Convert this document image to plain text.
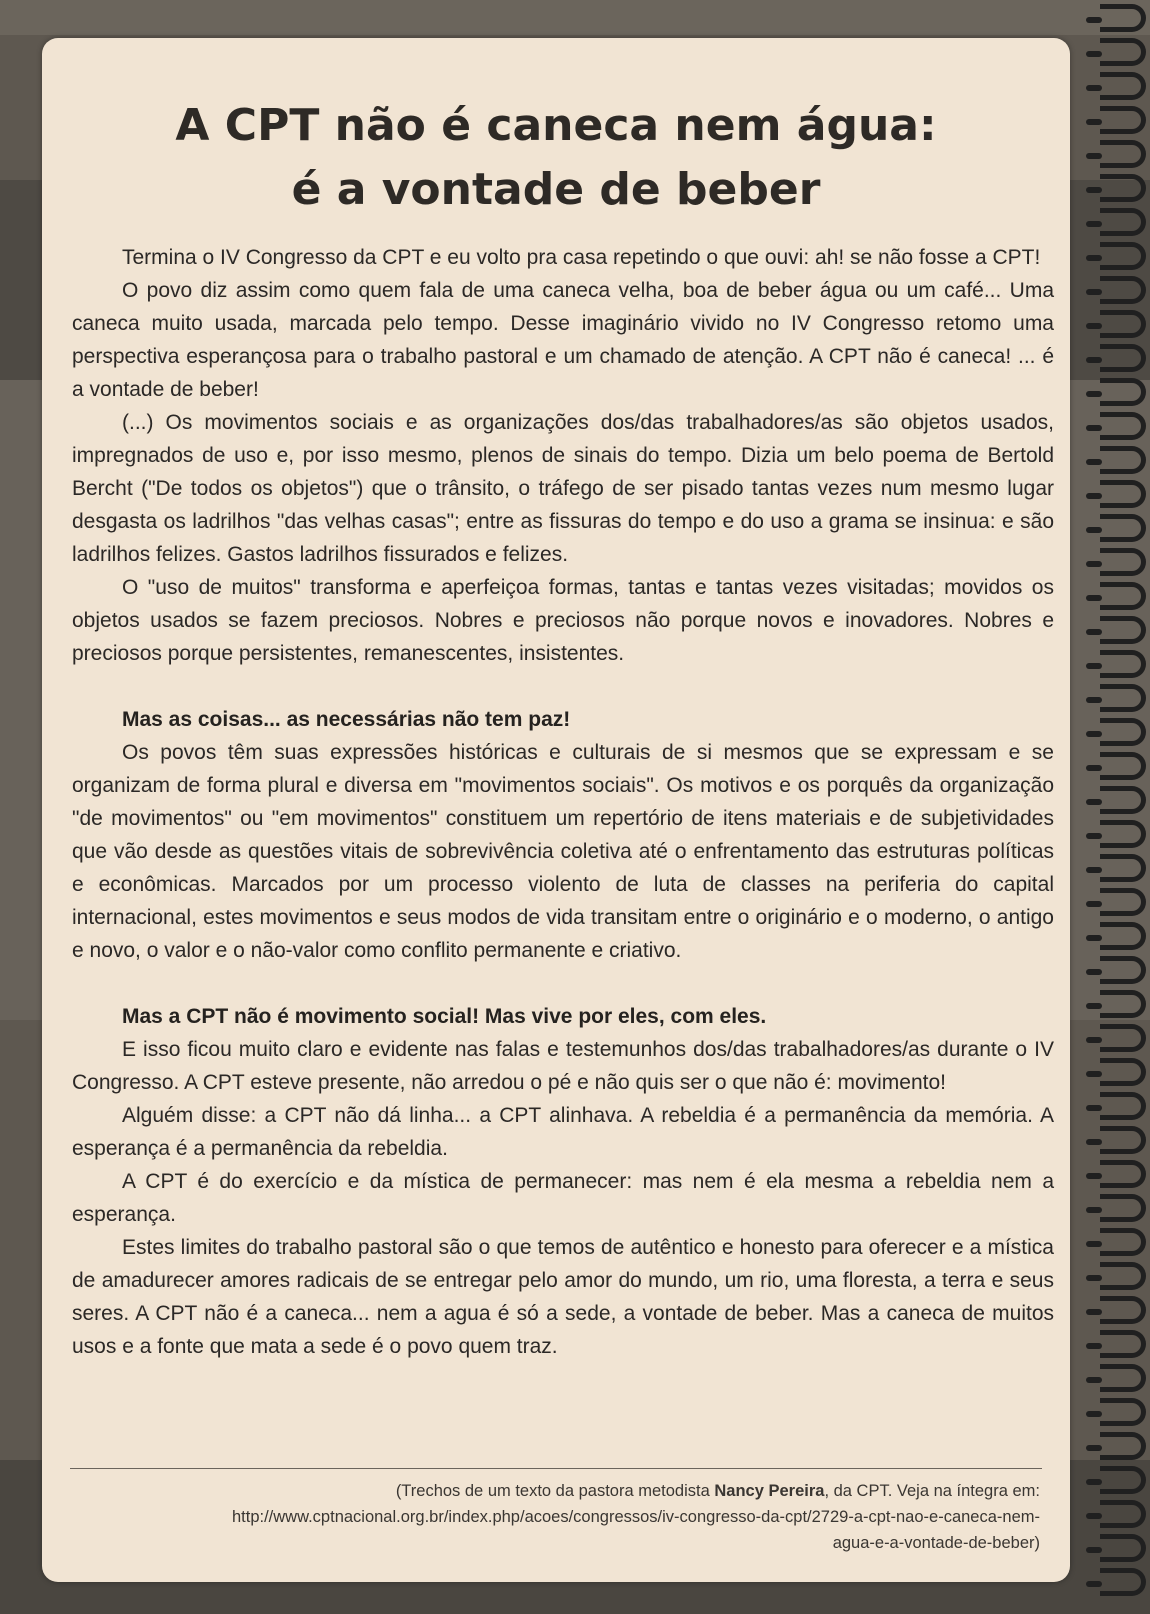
A CPT não é caneca nem água:
é a vontade de beber

Termina o IV Congresso da CPT e eu volto pra casa repetindo o que ouvi: ah! se não fosse a CPT!

O povo diz assim como quem fala de uma caneca velha, boa de beber água ou um café... Uma caneca muito usada, marcada pelo tempo. Desse imaginário vivido no IV Congresso retomo uma perspectiva esperançosa para o trabalho pastoral e um chamado de atenção. A CPT não é caneca! ... é a vontade de beber!

(...) Os movimentos sociais e as organizações dos/das trabalhadores/as são objetos usados, impregnados de uso e, por isso mesmo, plenos de sinais do tempo. Dizia um belo poema de Bertold Bercht ("De todos os objetos") que o trânsito, o tráfego de ser pisado tantas vezes num mesmo lugar desgasta os ladrilhos "das velhas casas"; entre as fissuras do tempo e do uso a grama se insinua: e são ladrilhos felizes. Gastos ladrilhos fissurados e felizes.

O "uso de muitos" transforma e aperfeiçoa formas, tantas e tantas vezes visitadas; movidos os objetos usados se fazem preciosos. Nobres e preciosos não porque novos e inovadores. Nobres e preciosos porque persistentes, remanescentes, insistentes.

Mas as coisas... as necessárias não tem paz!

Os povos têm suas expressões históricas e culturais de si mesmos que se expressam e se organizam de forma plural e diversa em "movimentos sociais". Os motivos e os porquês da organização "de movimentos" ou "em movimentos" constituem um repertório de itens materiais e de subjetividades que vão desde as questões vitais de sobrevivência coletiva até o enfrentamento das estruturas políticas e econômicas. Marcados por um processo violento de luta de classes na periferia do capital internacional, estes movimentos e seus modos de vida transitam entre o originário e o moderno, o antigo e novo, o valor e o não-valor como conflito permanente e criativo.

Mas a CPT não é movimento social! Mas vive por eles, com eles.

E isso ficou muito claro e evidente nas falas e testemunhos dos/das trabalhadores/as durante o IV Congresso. A CPT esteve presente, não arredou o pé e não quis ser o que não é: movimento!

Alguém disse: a CPT não dá linha... a CPT alinhava. A rebeldia é a permanência da memória. A esperança é a permanência da rebeldia.

A CPT é do exercício e da mística de permanecer: mas nem é ela mesma a rebeldia nem a esperança.

Estes limites do trabalho pastoral são o que temos de autêntico e honesto para oferecer e a mística de amadurecer amores radicais de se entregar pelo amor do mundo, um rio, uma floresta, a terra e seus seres. A CPT não é a caneca... nem a agua é só a sede, a vontade de beber. Mas a caneca de muitos usos e a fonte que mata a sede é o povo quem traz.

(Trechos de um texto da pastora metodista Nancy Pereira, da CPT. Veja na íntegra em:
http://www.cptnacional.org.br/index.php/acoes/congressos/iv-congresso-da-cpt/2729-a-cpt-nao-e-caneca-nem-
agua-e-a-vontade-de-beber)
